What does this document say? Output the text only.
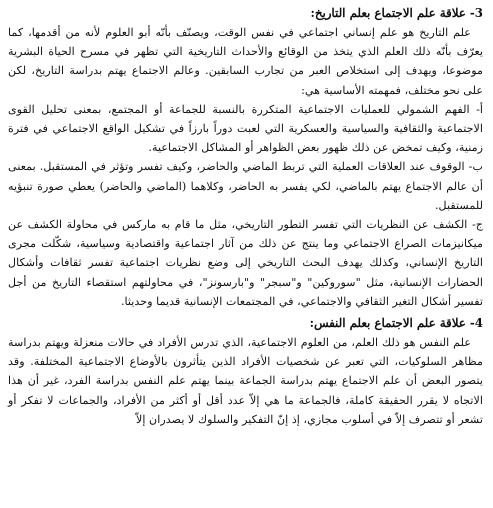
3- علاقة علم الاجتماع بعلم التاريخ:

علم التاريخ هو علم إنساني اجتماعي في نفس الوقت، ويصنّف بأنّه أبو العلوم لأنه من أقدمها، كما يعرّف بأنّه ذلك العلم الذي يتخذ من الوقائع والأحداث التاريخية التي تظهر في مسرح الحياة البشرية موضوعا، ويهدف إلى استخلاص العبر من تجارب السابقين. وعالم الاجتماع يهتم بدراسة التاريخ، لكن على نحو مختلف، فمهمته الأساسية هي:

أ- الفهم الشمولي للعمليات الاجتماعية المتكررة بالنسبة للجماعة أو المجتمع، بمعنى تحليل القوى الاجتماعية والثقافية والسياسية والعسكرية التي لعبت دوراً بارزاً في تشكيل الواقع الاجتماعي في فترة زمنية، وكيف تمخض عن ذلك ظهور بعض الظواهر أو المشاكل الاجتماعية.

ب- الوقوف عند العلاقات العملية التي تربط الماضي والحاضر، وكيف تفسر وتؤثر في المستقبل. بمعنى أن عالم الاجتماع يهتم بالماضي، لكي يفسر به الحاضر، وكلاهما (الماضي والحاضر) يعطي صورة تنبؤيه للمستقبل.

ج- الكشف عن النظريات التي تفسر التطور التاريخي، مثل ما قام به ماركس في محاولة الكشف عن ميكانيزمات الصراع الاجتماعي وما ينتج عن ذلك من آثار اجتماعية واقتصادية وسياسية، شكّلت مجرى التاريخ الإنساني، وكذلك يهدف البحث التاريخي إلى وضع نظريات اجتماعية تفسر ثقافات وأشكال الحضارات الإنسانية، مثل "سوروكين" و"سبجر" و"بارسونز"، في محاولتهم استقصاء التاريخ من أجل تفسير أشكال التغير الثقافي والاجتماعي، في المجتمعات الإنسانية قديما وحديثا.

4- علاقة علم الاجتماع بعلم النفس:

علم النفس هو ذلك العلم، من العلوم الاجتماعية، الذي تدرس الأفراد في حالات منعزلة ويهتم بدراسة مظاهر السلوكيات، التي تعبر عن شخصيات الأفراد الذين يتأثرون بالأوضاع الاجتماعية المختلفة. وقد يتصور البعض أن علم الاجتماع يهتم بدراسة الجماعة بينما يهتم علم النفس بدراسة الفرد، غير أن هذا الاتجاه لا يقرر الحقيقة كاملة، فالجماعة ما هي إلاّ عدد أقل أو أكثر من الأفراد، والجماعات لا تفكر أو تشعر أو تتصرف إلاّ في أسلوب مجازي، إذ إنّ التفكير والسلوك لا يصدران إلاّ
